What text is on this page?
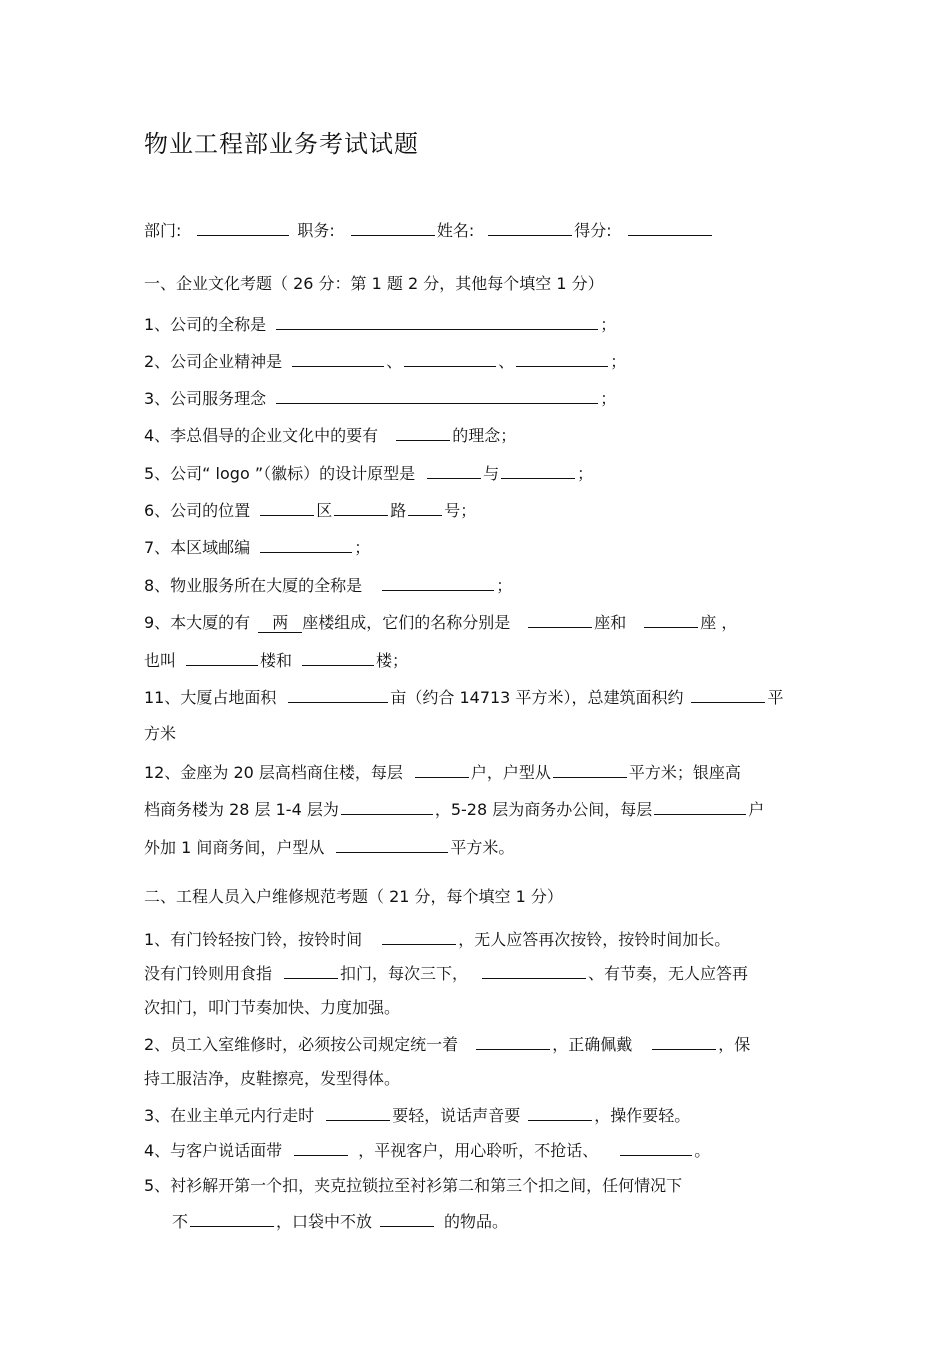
物业工程部业务考试试题
部门:	职务:	姓名:	得分:
一、企业文化考题（ 26 分：第 1 题 2 分，其他每个填空 1 分）
1、公司的全称是	；
2、公司企业精神是	、	、	；
3、公司服务理念	；
4、李总倡导的企业文化中的要有	的理念；
5、公司“ logo ”（徽标）的设计原型是	与	；
6、公司的位置	区	路 号；
7、本区域邮编	；
8、物业服务所在大厦的全称是	；
9、本大厦的有 两 座楼组成，它们的名称分别是	座和	座 ，
也叫	楼和	楼；
11、大厦占地面积	亩（约合 14713 平方米），总建筑面积约	平
方米
12、金座为 20 层高档商住楼，每层	户，户型从	平方米；银座高
档商务楼为 28 层 1-4 层为	，5-28 层为商务办公间，每层	户
外加 1 间商务间，户型从	平方米。
二、工程人员入户维修规范考题（ 21 分，每个填空 1 分）
1、有门铃轻按门铃，按铃时间	，无人应答再次按铃，按铃时间加长。
没有门铃则用食指	扣门，每次三下，	、有节奏，无人应答再
次扣门，叩门节奏加快、力度加强。
2、员工入室维修时，必须按公司规定统一着	，正确佩戴	，保
持工服洁净，皮鞋擦亮，发型得体。
3、在业主单元内行走时	要轻，说话声音要	，操作要轻。
4、与客户说话面带	，平视客户，用心聆听，不抢话、	。
5、衬衫解开第一个扣，夹克拉锁拉至衬衫第二和第三个扣之间，任何情况下
不	，口袋中不放	的物品。
